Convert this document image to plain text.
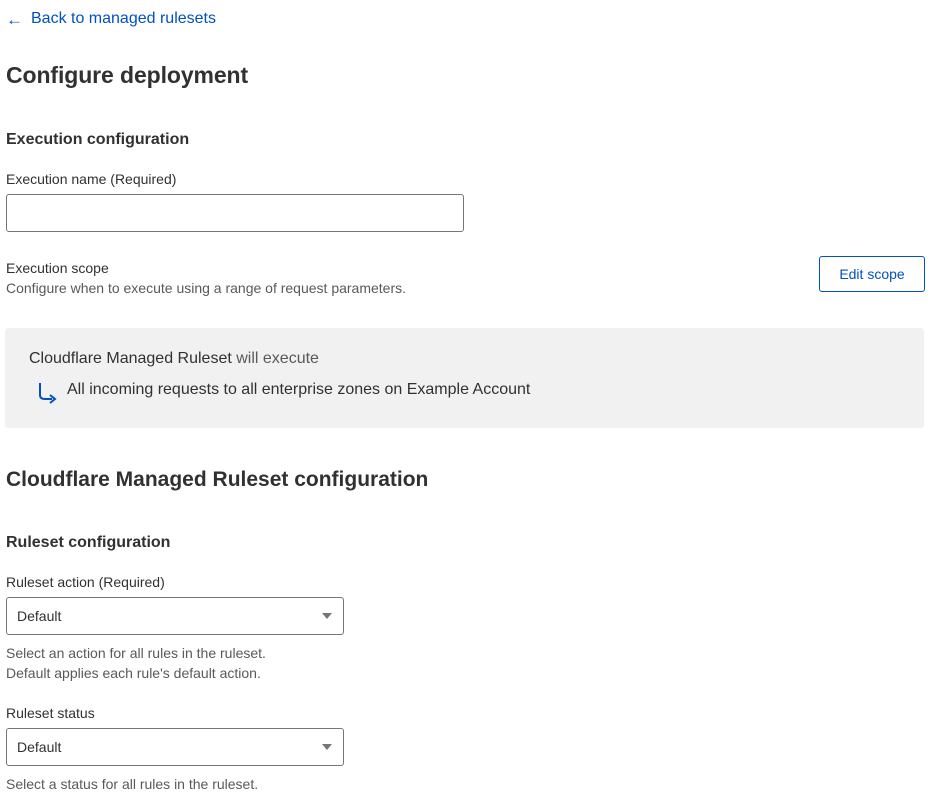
← Back to managed rulesets
Configure deployment
Execution configuration
Execution name (Required)

Execution scope

Configure when to execute using a range of request parameters.

Edit scope
Cloudflare Managed Ruleset will execute
All incoming requests to all enterprise zones on Example Account
Cloudflare Managed Ruleset configuration
Ruleset configuration
Ruleset action (Required)
Default

Select an action for all rules in the ruleset.
Default applies each rule's default action.

Ruleset status
Default

Select a status for all rules in the ruleset.
